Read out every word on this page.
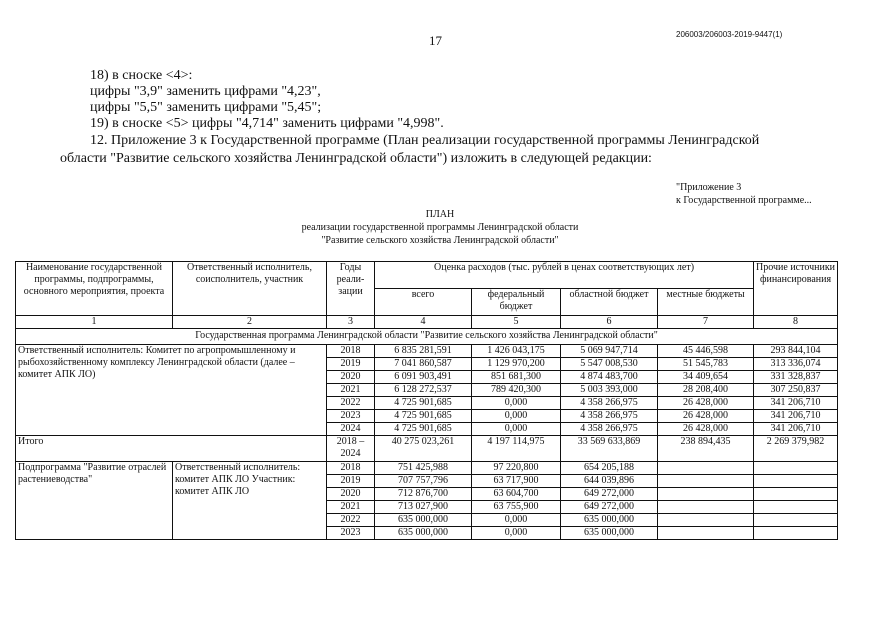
206003/206003-2019-9447(1)
17
18) в сноске <4>:
цифры "3,9" заменить цифрами "4,23",
цифры "5,5" заменить цифрами "5,45";
19) в сноске <5> цифры "4,714" заменить цифрами "4,998".
12. Приложение 3 к Государственной программе (План реализации государственной программы Ленинградской
области "Развитие сельского хозяйства Ленинградской области") изложить в следующей редакции:
"Приложение 3
к Государственной программе...
ПЛАН
реализации государственной программы Ленинградской области
"Развитие сельского хозяйства Ленинградской области"
Наименование государственной программы, подпрограммы, основного мероприятия, проекта	Ответственный исполнитель, соисполнитель, участник	Годы реали- зации	Оценка расходов (тыс. рублей в ценах соответствующих лет)				Прочие источники финансирования
			всего	федеральный бюджет	областной бюджет	местные бюджеты	
1	2	3	4	5	6	7	8
Государственная программа Ленинградской области "Развитие сельского хозяйства Ленинградской области"							
Ответственный исполнитель: Комитет по агропромышленному и рыбохозяйственному комплексу Ленинградской области (далее – комитет АПК ЛО)		2018	6 835 281,591	1 426 043,175	5 069 947,714	45 446,598	293 844,104
		2019	7 041 860,587	1 129 970,200	5 547 008,530	51 545,783	313 336,074
		2020	6 091 903,491	851 681,300	4 874 483,700	34 409,654	331 328,837
		2021	6 128 272,537	789 420,300	5 003 393,000	28 208,400	307 250,837
		2022	4 725 901,685	0,000	4 358 266,975	26 428,000	341 206,710
		2023	4 725 901,685	0,000	4 358 266,975	26 428,000	341 206,710
		2024	4 725 901,685	0,000	4 358 266,975	26 428,000	341 206,710
Итого		2018 – 2024	40 275 023,261	4 197 114,975	33 569 633,869	238 894,435	2 269 379,982
Подпрограмма "Развитие отраслей растениеводства"	Ответственный исполнитель: комитет АПК ЛО Участник: комитет АПК ЛО	2018	751 425,988	97 220,800	654 205,188		
		2019	707 757,796	63 717,900	644 039,896		
		2020	712 876,700	63 604,700	649 272,000		
		2021	713 027,900	63 755,900	649 272,000		
		2022	635 000,000	0,000	635 000,000		
		2023	635 000,000	0,000	635 000,000		
